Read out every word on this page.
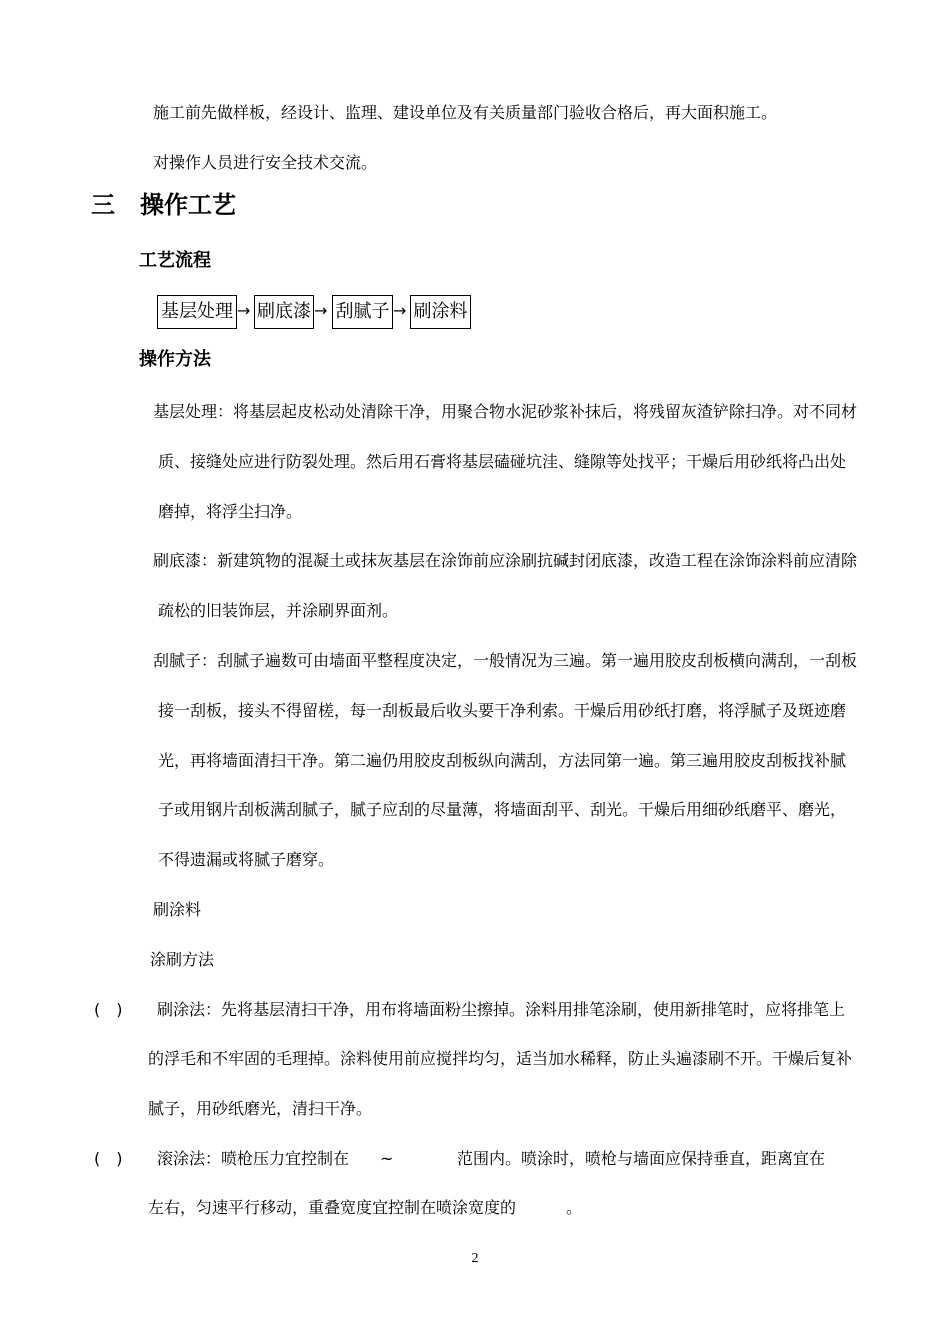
施工前先做样板，经设计、监理、建设单位及有关质量部门验收合格后，再大面积施工。
对操作人员进行安全技术交流。
三 操作工艺
工艺流程
基层处理 → 刷底漆 → 刮腻子 → 刷涂料
操作方法
基层处理：将基层起皮松动处清除干净，用聚合物水泥砂浆补抹后，将残留灰渣铲除扫净。对不同材
质、接缝处应进行防裂处理。然后用石膏将基层磕碰坑洼、缝隙等处找平；干燥后用砂纸将凸出处
磨掉，将浮尘扫净。
刷底漆：新建筑物的混凝土或抹灰基层在涂饰前应涂刷抗碱封闭底漆，改造工程在涂饰涂料前应清除
疏松的旧装饰层，并涂刷界面剂。
刮腻子：刮腻子遍数可由墙面平整程度决定，一般情况为三遍。第一遍用胶皮刮板横向满刮，一刮板
接一刮板，接头不得留槎，每一刮板最后收头要干净利索。干燥后用砂纸打磨，将浮腻子及斑迹磨
光，再将墙面清扫干净。第二遍仍用胶皮刮板纵向满刮，方法同第一遍。第三遍用胶皮刮板找补腻
子或用钢片刮板满刮腻子，腻子应刮的尽量薄，将墙面刮平、刮光。干燥后用细砂纸磨平、磨光，
不得遗漏或将腻子磨穿。
刷涂料
涂刷方法
(　) 刷涂法：先将基层清扫干净，用布将墙面粉尘擦掉。涂料用排笔涂刷，使用新排笔时，应将排笔上
的浮毛和不牢固的毛理掉。涂料使用前应搅拌均匀，适当加水稀释，防止头遍漆刷不开。干燥后复补
腻子，用砂纸磨光，清扫干净。
(　) 滚涂法：喷枪压力宜控制在 ~	范围内。喷涂时，喷枪与墙面应保持垂直，距离宜在
左右，匀速平行移动，重叠宽度宜控制在喷涂宽度的	。
2
